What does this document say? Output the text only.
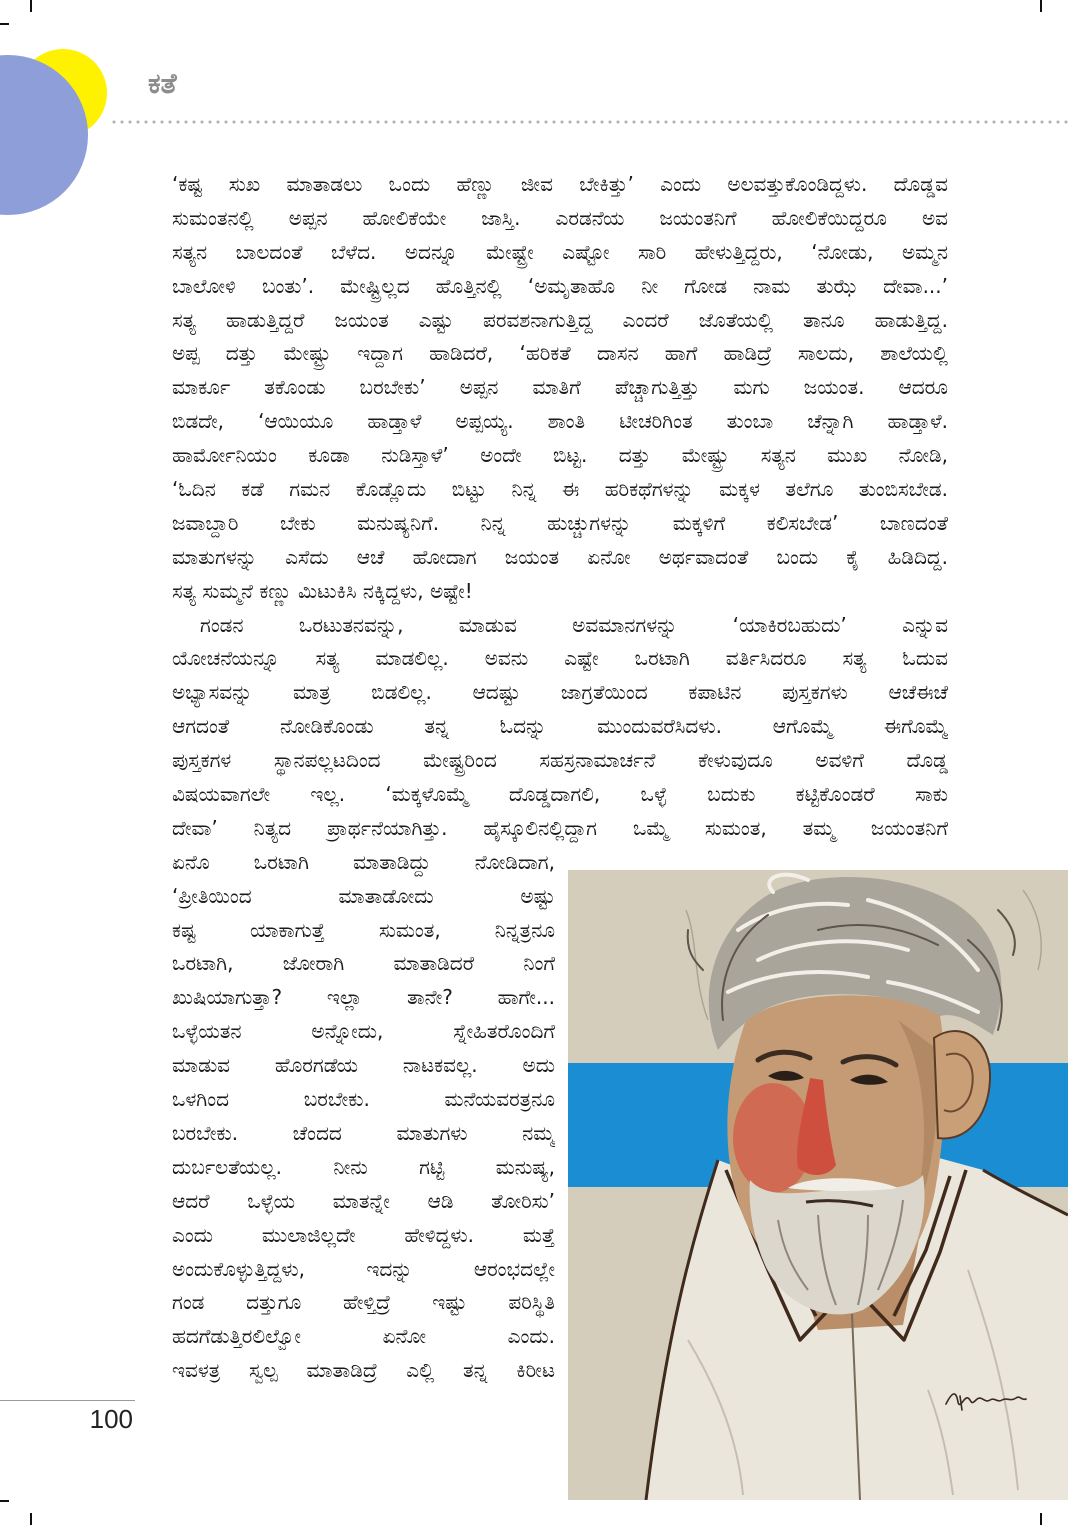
ಕತೆ
‘ಕಷ್ಟ ಸುಖ ಮಾತಾಡಲು ಒಂದು ಹೆಣ್ಣು ಜೀವ ಬೇಕಿತ್ತು’ ಎಂದು ಅಲವತ್ತುಕೊಂಡಿದ್ದಳು. ದೊಡ್ಡವ
ಸುಮಂತನಲ್ಲಿ ಅಪ್ಪನ ಹೋಲಿಕೆಯೇ ಜಾಸ್ತಿ. ಎರಡನೆಯ ಜಯಂತನಿಗೆ ಹೋಲಿಕೆಯಿದ್ದರೂ ಅವ
ಸತ್ಯನ ಬಾಲದಂತೆ ಬೆಳೆದ. ಅದನ್ನೂ ಮೇಷ್ಟ್ರೇ ಎಷ್ಟೋ ಸಾರಿ ಹೇಳುತ್ತಿದ್ದರು, ‘ನೋಡು, ಅಮ್ಮನ
ಬಾಲೋಳಿ ಬಂತು’. ಮೇಷ್ಟ್ರಿಲ್ಲದ ಹೊತ್ತಿನಲ್ಲಿ ‘ಅಮೃತಾಹೊ ನೀ ಗೋಡ ನಾಮ ತುಝೆ ದೇವಾ...’
ಸತ್ಯ ಹಾಡುತ್ತಿದ್ದರೆ ಜಯಂತ ಎಷ್ಟು ಪರವಶನಾಗುತ್ತಿದ್ದ ಎಂದರೆ ಜೊತೆಯಲ್ಲಿ ತಾನೂ ಹಾಡುತ್ತಿದ್ದ.
ಅಪ್ಪ ದತ್ತು ಮೇಷ್ಟ್ರು ಇದ್ದಾಗ ಹಾಡಿದರೆ, ‘ಹರಿಕತೆ ದಾಸನ ಹಾಗೆ ಹಾಡಿದ್ರೆ ಸಾಲದು, ಶಾಲೆಯಲ್ಲಿ
ಮಾರ್ಕೂ ತಕೊಂಡು ಬರಬೇಕು’ ಅಪ್ಪನ ಮಾತಿಗೆ ಪೆಚ್ಚಾಗುತ್ತಿತ್ತು ಮಗು ಜಯಂತ. ಆದರೂ
ಬಿಡದೇ, ‘ಆಯಿಯೂ ಹಾಡ್ತಾಳೆ ಅಪ್ಪಯ್ಯ. ಶಾಂತಿ ಟೀಚರಿಗಿಂತ ತುಂಬಾ ಚೆನ್ನಾಗಿ ಹಾಡ್ತಾಳೆ.
ಹಾರ್ಮೋನಿಯಂ ಕೂಡಾ ನುಡಿಸ್ತಾಳೆ’ ಅಂದೇ ಬಿಟ್ಟ. ದತ್ತು ಮೇಷ್ಟ್ರು ಸತ್ಯನ ಮುಖ ನೋಡಿ,
‘ಓದಿನ ಕಡೆ ಗಮನ ಕೊಡ್ಲೊದು ಬಿಟ್ಟು ನಿನ್ನ ಈ ಹರಿಕಥೆಗಳನ್ನು ಮಕ್ಕಳ ತಲೆಗೂ ತುಂಬಿಸಬೇಡ.
ಜವಾಬ್ದಾರಿ ಬೇಕು ಮನುಷ್ಯನಿಗೆ. ನಿನ್ನ ಹುಚ್ಚುಗಳನ್ನು ಮಕ್ಕಳಿಗೆ ಕಲಿಸಬೇಡ’ ಬಾಣದಂತೆ
ಮಾತುಗಳನ್ನು ಎಸೆದು ಆಚೆ ಹೋದಾಗ ಜಯಂತ ಏನೋ ಅರ್ಥವಾದಂತೆ ಬಂದು ಕೈ ಹಿಡಿದಿದ್ದ.
ಸತ್ಯ ಸುಮ್ಮನೆ ಕಣ್ಣು ಮಿಟುಕಿಸಿ ನಕ್ಕಿದ್ದಳು, ಅಷ್ಟೇ!
ಗಂಡನ ಒರಟುತನವನ್ನು, ಮಾಡುವ ಅವಮಾನಗಳನ್ನು ‘ಯಾಕಿರಬಹುದು’ ಎನ್ನುವ
ಯೋಚನೆಯನ್ನೂ ಸತ್ಯ ಮಾಡಲಿಲ್ಲ. ಅವನು ಎಷ್ಟೇ ಒರಟಾಗಿ ವರ್ತಿಸಿದರೂ ಸತ್ಯ ಓದುವ
ಅಭ್ಯಾಸವನ್ನು ಮಾತ್ರ ಬಿಡಲಿಲ್ಲ. ಆದಷ್ಟು ಜಾಗ್ರತೆಯಿಂದ ಕಪಾಟಿನ ಪುಸ್ತಕಗಳು ಆಚೆಈಚೆ
ಆಗದಂತೆ ನೋಡಿಕೊಂಡು ತನ್ನ ಓದನ್ನು ಮುಂದುವರೆಸಿದಳು. ಆಗೊಮ್ಮೆ ಈಗೊಮ್ಮೆ
ಪುಸ್ತಕಗಳ ಸ್ಥಾನಪಲ್ಲಟದಿಂದ ಮೇಷ್ಟ್ರರಿಂದ ಸಹಸ್ರನಾಮಾರ್ಚನೆ ಕೇಳುವುದೂ ಅವಳಿಗೆ ದೊಡ್ಡ
ವಿಷಯವಾಗಲೇ ಇಲ್ಲ. ‘ಮಕ್ಕಳೊಮ್ಮೆ ದೊಡ್ಡದಾಗಲಿ, ಒಳ್ಳೆ ಬದುಕು ಕಟ್ಟಿಕೊಂಡರೆ ಸಾಕು
ದೇವಾ’ ನಿತ್ಯದ ಪ್ರಾರ್ಥನೆಯಾಗಿತ್ತು. ಹೈಸ್ಕೂಲಿನಲ್ಲಿದ್ದಾಗ ಒಮ್ಮೆ ಸುಮಂತ, ತಮ್ಮ ಜಯಂತನಿಗೆ
ಏನೊ ಒರಟಾಗಿ ಮಾತಾಡಿದ್ದು ನೋಡಿದಾಗ,
‘ಪ್ರೀತಿಯಿಂದ ಮಾತಾಡೋದು ಅಷ್ಟು
ಕಷ್ಟ ಯಾಕಾಗುತ್ತೆ ಸುಮಂತ, ನಿನ್ನತ್ರನೂ
ಒರಟಾಗಿ, ಜೋರಾಗಿ ಮಾತಾಡಿದರೆ ನಿಂಗೆ
ಖುಷಿಯಾಗುತ್ತಾ? ಇಲ್ಲಾ ತಾನೇ? ಹಾಗೇ...
ಒಳ್ಳೆಯತನ ಅನ್ನೋದು, ಸ್ನೇಹಿತರೊಂದಿಗೆ
ಮಾಡುವ ಹೊರಗಡೆಯ ನಾಟಕವಲ್ಲ. ಅದು
ಒಳಗಿಂದ ಬರಬೇಕು. ಮನೆಯವರತ್ರನೂ
ಬರಬೇಕು. ಚೆಂದದ ಮಾತುಗಳು ನಮ್ಮ
ದುರ್ಬಲತೆಯಲ್ಲ. ನೀನು ಗಟ್ಟಿ ಮನುಷ್ಯ,
ಆದರೆ ಒಳ್ಳೆಯ ಮಾತನ್ನೇ ಆಡಿ ತೋರಿಸು’
ಎಂದು ಮುಲಾಜಿಲ್ಲದೇ ಹೇಳಿದ್ದಳು. ಮತ್ತೆ
ಅಂದುಕೊಳ್ಳುತ್ತಿದ್ದಳು, ಇದನ್ನು ಆರಂಭದಲ್ಲೇ
ಗಂಡ ದತ್ತುಗೂ ಹೇಳ್ತಿದ್ರೆ ಇಷ್ಟು ಪರಿಸ್ಥಿತಿ
ಹದಗೆಡುತ್ತಿರಲಿಲ್ವೋ ಏನೋ ಎಂದು.
ಇವಳತ್ರ ಸ್ವಲ್ಪ ಮಾತಾಡಿದ್ರೆ ಎಲ್ಲಿ ತನ್ನ ಕಿರೀಟ
100
